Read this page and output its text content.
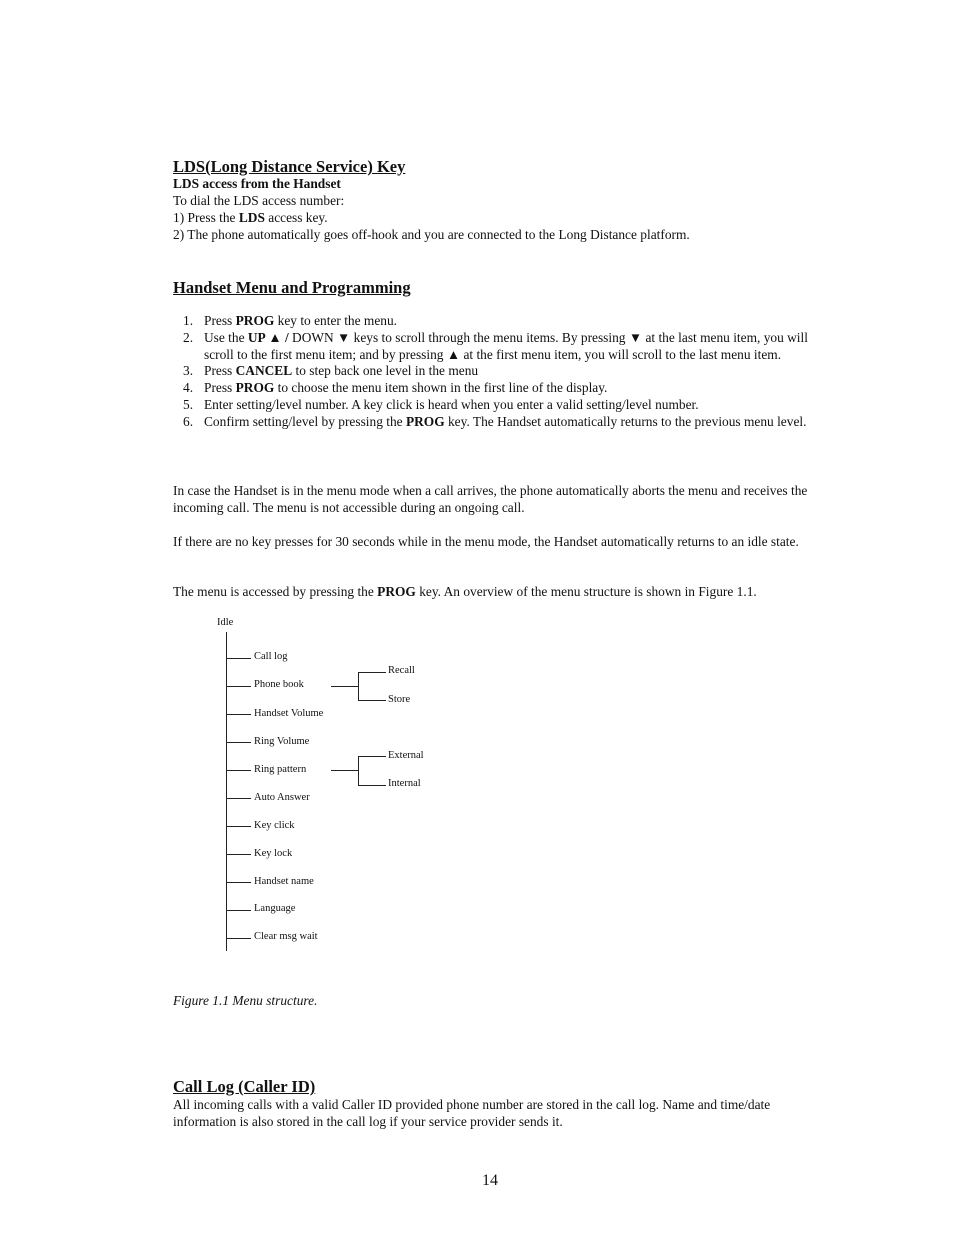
LDS(Long Distance Service) Key
LDS access from the Handset
To dial the LDS access number:
1) Press the LDS access key.
2) The phone automatically goes off-hook and you are connected to the Long Distance platform.
Handset Menu and Programming
1. Press PROG key to enter the menu.
2. Use the UP ▲ / DOWN ▼ keys to scroll through the menu items. By pressing ▼ at the last menu item, you will scroll to the first menu item; and by pressing ▲ at the first menu item, you will scroll to the last menu item.
3. Press CANCEL to step back one level in the menu
4. Press PROG to choose the menu item shown in the first line of the display.
5. Enter setting/level number. A key click is heard when you enter a valid setting/level number.
6. Confirm setting/level by pressing the PROG key. The Handset automatically returns to the previous menu level.
In case the Handset is in the menu mode when a call arrives, the phone automatically aborts the menu and receives the incoming call. The menu is not accessible during an ongoing call.
If there are no key presses for 30 seconds while in the menu mode, the Handset automatically returns to an idle state.
The menu is accessed by pressing the PROG key. An overview of the menu structure is shown in Figure 1.1.
Idle
Call log
Phone book
Handset Volume
Ring Volume
Ring pattern
Auto Answer
Key click
Key lock
Handset name
Language
Clear msg wait
Recall
Store
External
Internal
Figure 1.1 Menu structure.
Call Log (Caller ID)
All incoming calls with a valid Caller ID provided phone number are stored in the call log. Name and time/date information is also stored in the call log if your service provider sends it.
14
